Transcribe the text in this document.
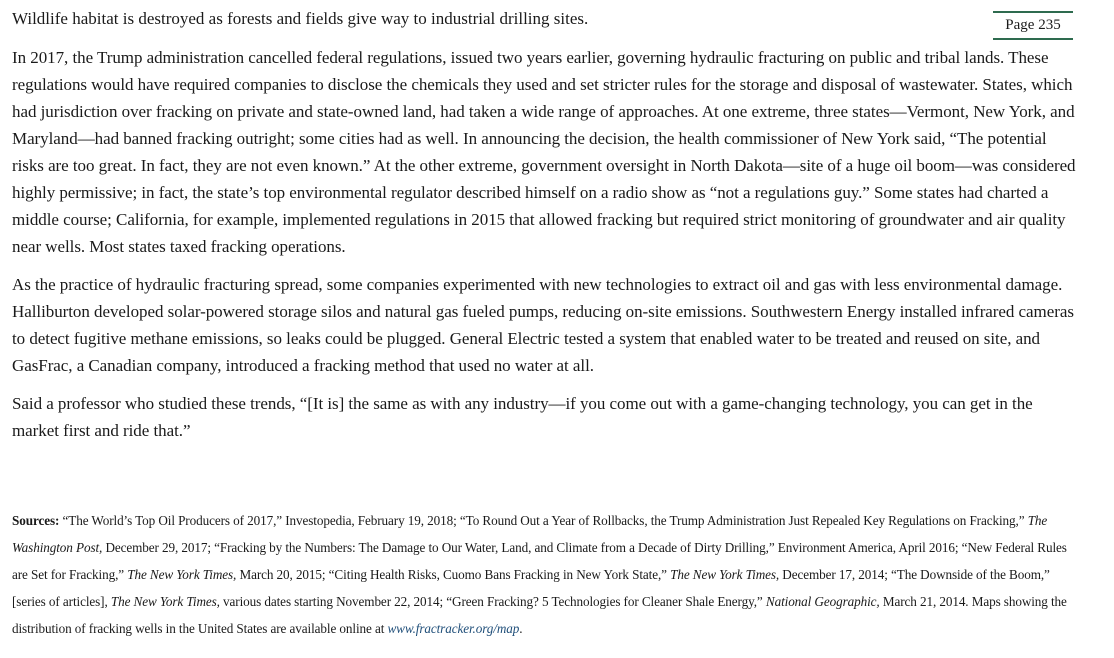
Wildlife habitat is destroyed as forests and fields give way to industrial drilling sites.	Page 235

In 2017, the Trump administration cancelled federal regulations, issued two years earlier, governing hydraulic fracturing on public and tribal lands. These regulations would have required companies to disclose the chemicals they used and set stricter rules for the storage and disposal of wastewater. States, which had jurisdiction over fracking on private and state-owned land, had taken a wide range of approaches. At one extreme, three states—Vermont, New York, and Maryland—had banned fracking outright; some cities had as well. In announcing the decision, the health commissioner of New York said, “The potential risks are too great. In fact, they are not even known.” At the other extreme, government oversight in North Dakota—site of a huge oil boom—was considered highly permissive; in fact, the state’s top environmental regulator described himself on a radio show as “not a regulations guy.” Some states had charted a middle course; California, for example, implemented regulations in 2015 that allowed fracking but required strict monitoring of groundwater and air quality near wells. Most states taxed fracking operations.

As the practice of hydraulic fracturing spread, some companies experimented with new technologies to extract oil and gas with less environmental damage. Halliburton developed solar-powered storage silos and natural gas fueled pumps, reducing on-site emissions. Southwestern Energy installed infrared cameras to detect fugitive methane emissions, so leaks could be plugged. General Electric tested a system that enabled water to be treated and reused on site, and GasFrac, a Canadian company, introduced a fracking method that used no water at all.

Said a professor who studied these trends, “[It is] the same as with any industry—if you come out with a game-changing technology, you can get in the market first and ride that.”

Sources: “The World’s Top Oil Producers of 2017,” Investopedia, February 19, 2018; “To Round Out a Year of Rollbacks, the Trump Administration Just Repealed Key Regulations on Fracking,” The Washington Post, December 29, 2017; “Fracking by the Numbers: The Damage to Our Water, Land, and Climate from a Decade of Dirty Drilling,” Environment America, April 2016; “New Federal Rules are Set for Fracking,” The New York Times, March 20, 2015; “Citing Health Risks, Cuomo Bans Fracking in New York State,” The New York Times, December 17, 2014; “The Downside of the Boom,” [series of articles], The New York Times, various dates starting November 22, 2014; “Green Fracking? 5 Technologies for Cleaner Shale Energy,” National Geographic, March 21, 2014. Maps showing the distribution of fracking wells in the United States are available online at www.fractracker.org/map.
